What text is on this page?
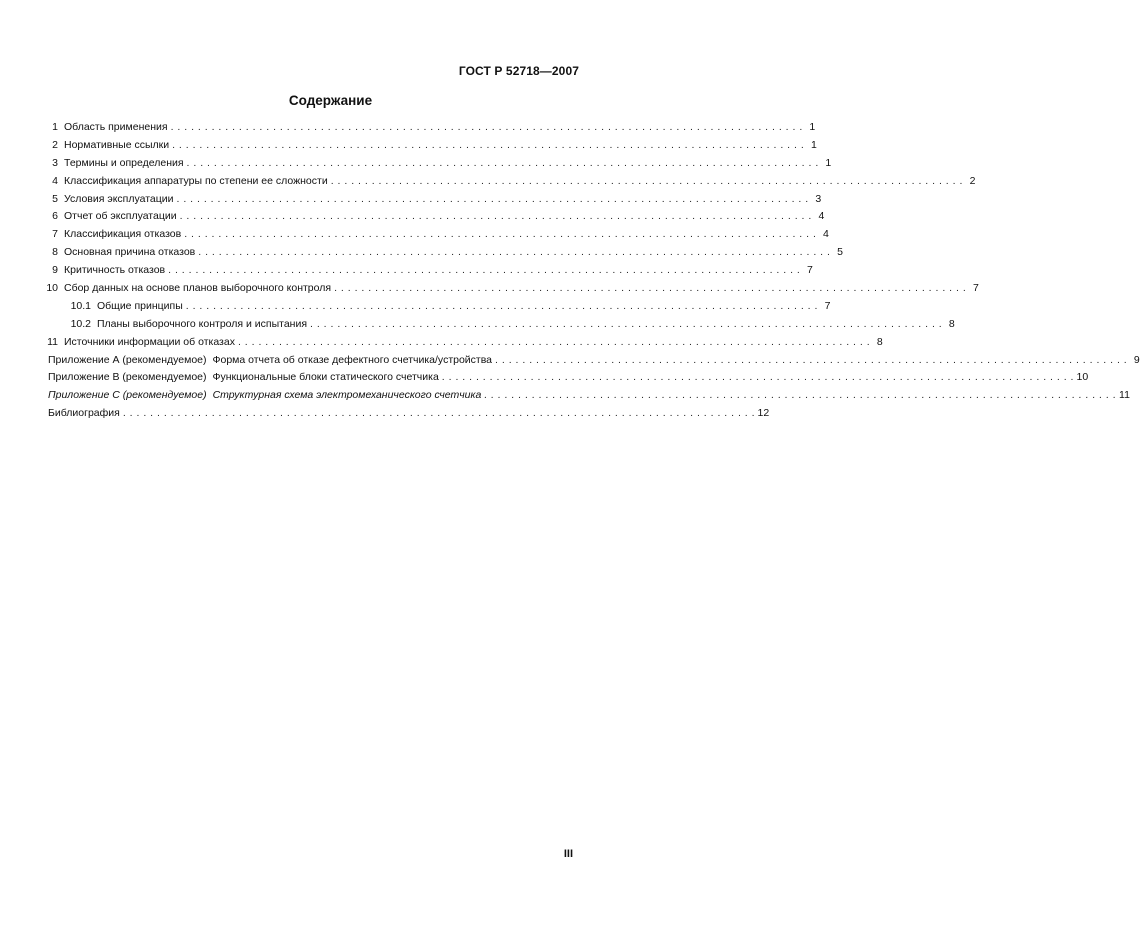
ГОСТ Р 52718—2007
Содержание
1 Область применения . . .	1
2 Нормативные ссылки . . .	1
3 Термины и определения . . .	1
4 Классификация аппаратуры по степени ее сложности . . .	2
5 Условия эксплуатации . . .	3
6 Отчет об эксплуатации . . .	4
7 Классификация отказов . . .	4
8 Основная причина отказов . . .	5
9 Критичность отказов . . .	7
10 Сбор данных на основе планов выборочного контроля . . .	7
10.1 Общие принципы . . .	7
10.2 Планы выборочного контроля и испытания . . .	8
11 Источники информации об отказах . . .	8
Приложение А (рекомендуемое) Форма отчета об отказе дефектного счетчика/устройства . . .	9
Приложение В (рекомендуемое) Функциональные блоки статического счетчика . . .	10
Приложение С (рекомендуемое) Структурная схема электромеханического счетчика . . .	11
Библиография . . .	12
III
